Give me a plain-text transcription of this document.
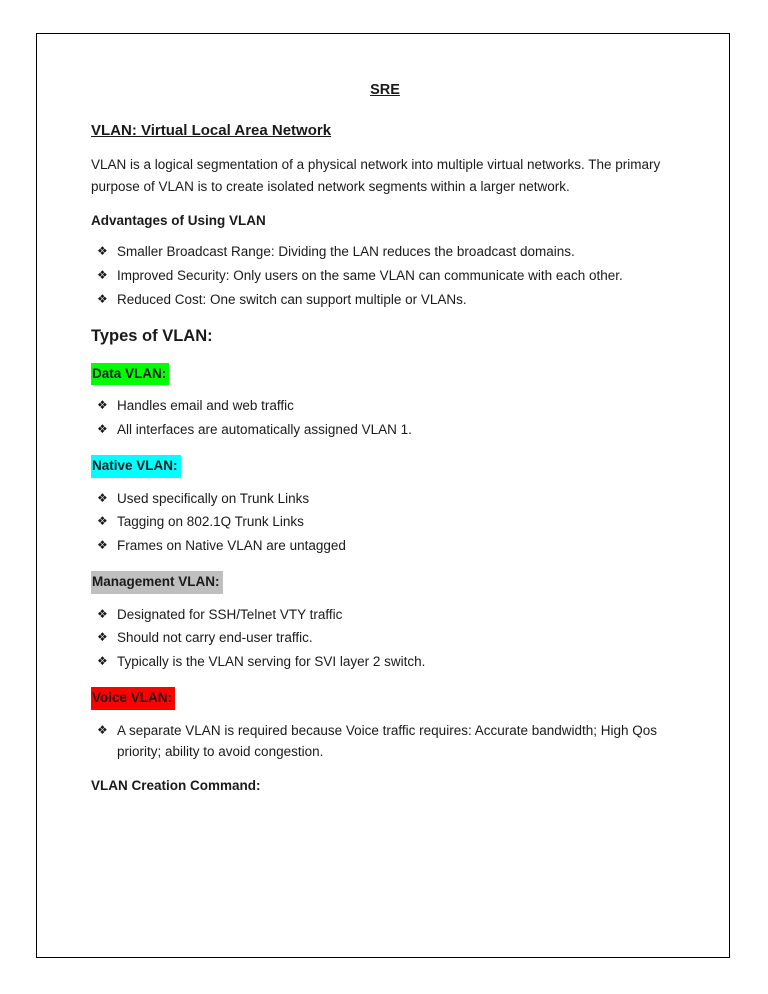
SRE
VLAN: Virtual Local Area Network

VLAN is a logical segmentation of a physical network into multiple virtual networks. The primary purpose of VLAN is to create isolated network segments within a larger network.

Advantages of Using VLAN
❖ Smaller Broadcast Range: Dividing the LAN reduces the broadcast domains.
❖ Improved Security: Only users on the same VLAN can communicate with each other.
❖ Reduced Cost: One switch can support multiple or VLANs.
Types of VLAN:
Data VLAN:
❖ Handles email and web traffic
❖ All interfaces are automatically assigned VLAN 1.
Native VLAN:
❖ Used specifically on Trunk Links
❖ Tagging on 802.1Q Trunk Links
❖ Frames on Native VLAN are untagged
Management VLAN:
❖ Designated for SSH/Telnet VTY traffic
❖ Should not carry end-user traffic.
❖ Typically is the VLAN serving for SVI layer 2 switch.
Voice VLAN:
❖ A separate VLAN is required because Voice traffic requires: Accurate bandwidth; High Qos priority; ability to avoid congestion.
VLAN Creation Command:
